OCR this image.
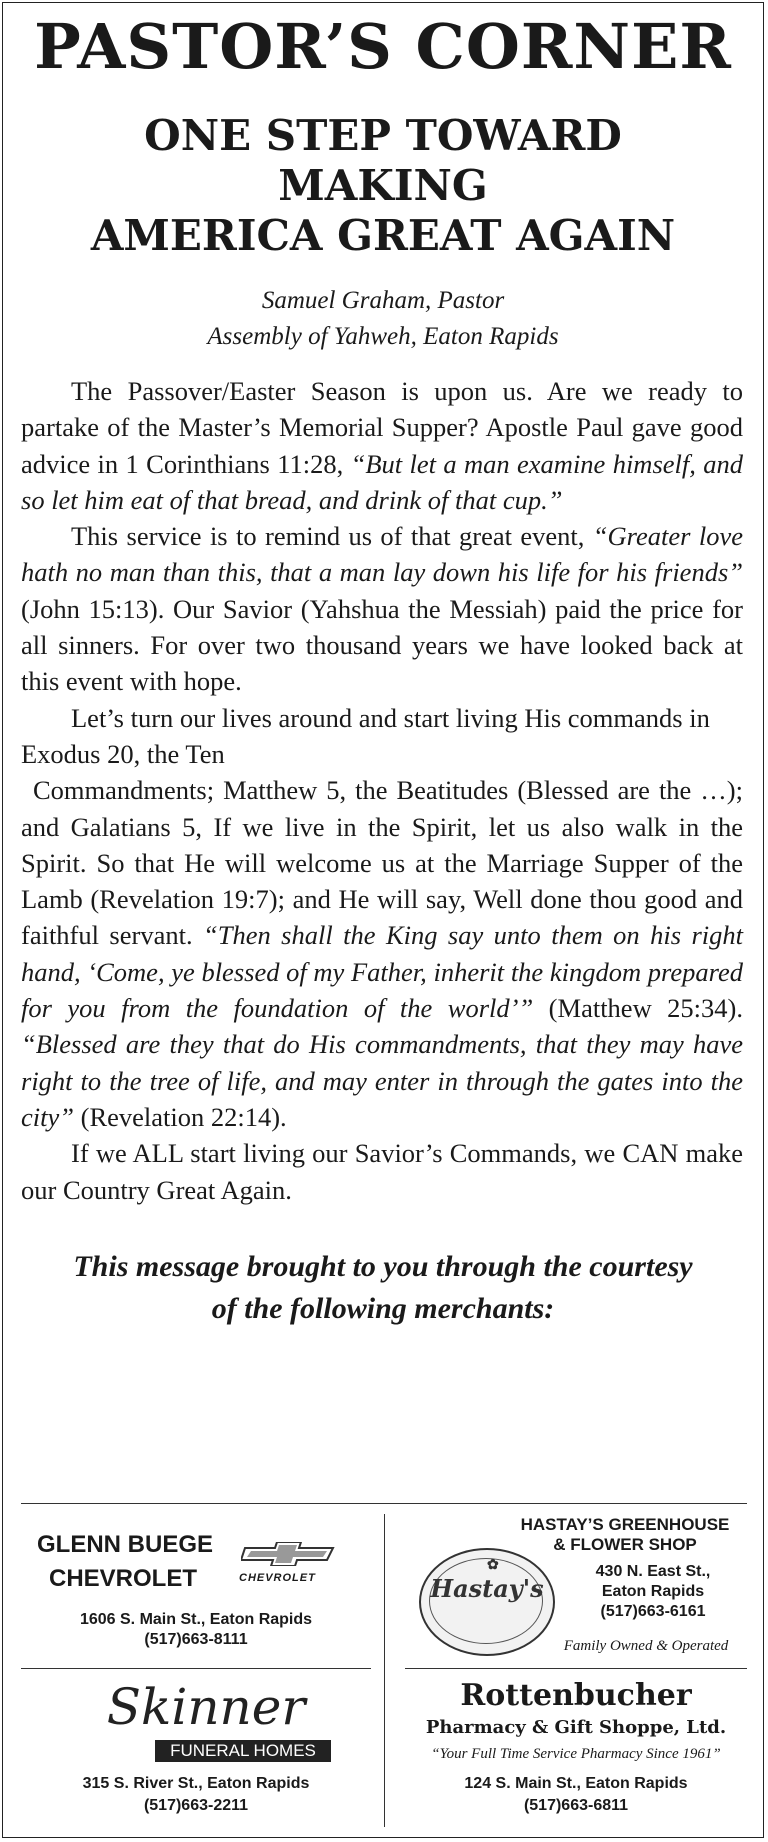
PASTOR’S CORNER
ONE STEP TOWARD
MAKING
AMERICA GREAT AGAIN
Samuel Graham, Pastor
Assembly of Yahweh, Eaton Rapids

The Passover/Easter Season is upon us. Are we ready to partake of the Master’s Memorial Supper? Apostle Paul gave good advice in 1 Corinthians 11:28, “But let a man examine himself, and so let him eat of that bread, and drink of that cup.”

This service is to remind us of that great event, “Greater love hath no man than this, that a man lay down his life for his friends” (John 15:13). Our Savior (Yahshua the Messiah) paid the price for all sinners. For over two thousand years we have looked back at this event with hope.

Let’s turn our lives around and start living His commands in Exodus 20, the Ten

Commandments; Matthew 5, the Beatitudes (Blessed are the …); and Galatians 5, If we live in the Spirit, let us also walk in the Spirit. So that He will welcome us at the Marriage Supper of the Lamb (Revelation 19:7); and He will say, Well done thou good and faithful servant. “Then shall the King say unto them on his right hand, ‘Come, ye blessed of my Father, inherit the kingdom prepared for you from the foundation of the world’” (Matthew 25:34). “Blessed are they that do His commandments, that they may have right to the tree of life, and may enter in through the gates into the city” (Revelation 22:14).

If we ALL start living our Savior’s Commands, we CAN make our Country Great Again.

This message brought to you through the courtesy
of the following merchants:
GLENN BUEGE
CHEVROLET	CHEVROLET
1606 S. Main St., Eaton Rapids
(517)663-8111
HASTAY’S GREENHOUSE
& FLOWER SHOP
Hastay's
✿	430 N. East St.,
Eaton Rapids
(517)663-6161
Family Owned & Operated
Skinner
FUNERAL HOMES
315 S. River St., Eaton Rapids
(517)663-2211
Rottenbucher
Pharmacy & Gift Shoppe, Ltd.
“Your Full Time Service Pharmacy Since 1961”
124 S. Main St., Eaton Rapids
(517)663-6811
